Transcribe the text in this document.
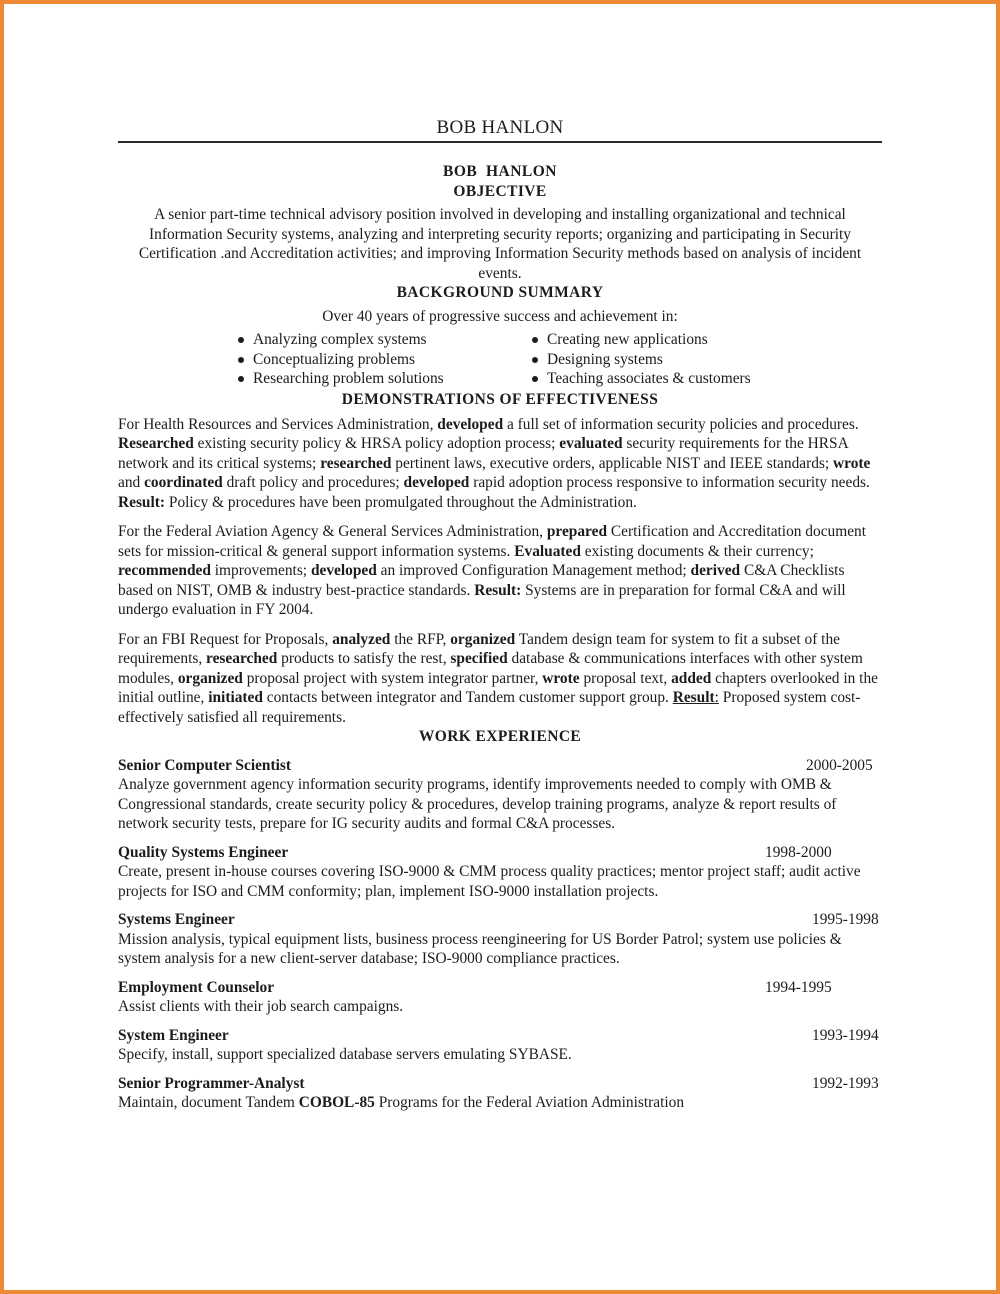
BOB HANLON
BOB  HANLON
OBJECTIVE
A senior part-time technical advisory position involved in developing and installing organizational and technical
Information Security systems, analyzing and interpreting security reports; organizing and participating in Security
Certification .and Accreditation activities; and improving Information Security methods based on analysis of incident
events.
BACKGROUND SUMMARY
Over 40 years of progressive success and achievement in:
Analyzing complex systems
Conceptualizing problems
Researching problem solutions
Creating new applications
Designing systems
Teaching associates & customers
DEMONSTRATIONS OF EFFECTIVENESS

For Health Resources and Services Administration, developed a full set of information security policies and procedures. Researched existing security policy & HRSA policy adoption process; evaluated security requirements for the HRSA network and its critical systems; researched pertinent laws, executive orders, applicable NIST and IEEE standards; wrote and coordinated draft policy and procedures; developed rapid adoption process responsive to information security needs. Result: Policy & procedures have been promulgated throughout the Administration.

For the Federal Aviation Agency & General Services Administration, prepared Certification and Accreditation document sets for mission-critical & general support information systems. Evaluated existing documents & their currency; recommended improvements; developed an improved Configuration Management method; derived C&A Checklists based on NIST, OMB & industry best-practice standards. Result: Systems are in preparation for formal C&A and will undergo evaluation in FY 2004.

For an FBI Request for Proposals, analyzed the RFP, organized Tandem design team for system to fit a subset of the requirements, researched products to satisfy the rest, specified database & communications interfaces with other system modules, organized proposal project with system integrator partner, wrote proposal text, added chapters overlooked in the initial outline, initiated contacts between integrator and Tandem customer support group. Result: Proposed system cost-effectively satisfied all requirements.

WORK EXPERIENCE
Senior Computer Scientist	2000-2005

Analyze government agency information security programs, identify improvements needed to comply with OMB & Congressional standards, create security policy & procedures, develop training programs, analyze & report results of network security tests, prepare for IG security audits and formal C&A processes.

Quality Systems Engineer	1998-2000

Create, present in-house courses covering ISO-9000 & CMM process quality practices; mentor project staff; audit active projects for ISO and CMM conformity; plan, implement ISO-9000 installation projects.

Systems Engineer	1995-1998

Mission analysis, typical equipment lists, business process reengineering for US Border Patrol; system use policies & system analysis for a new client-server database; ISO-9000 compliance practices.

Employment Counselor	1994-1995

Assist clients with their job search campaigns.

System Engineer	1993-1994

Specify, install, support specialized database servers emulating SYBASE.

Senior Programmer-Analyst	1992-1993

Maintain, document Tandem COBOL-85 Programs for the Federal Aviation Administration
